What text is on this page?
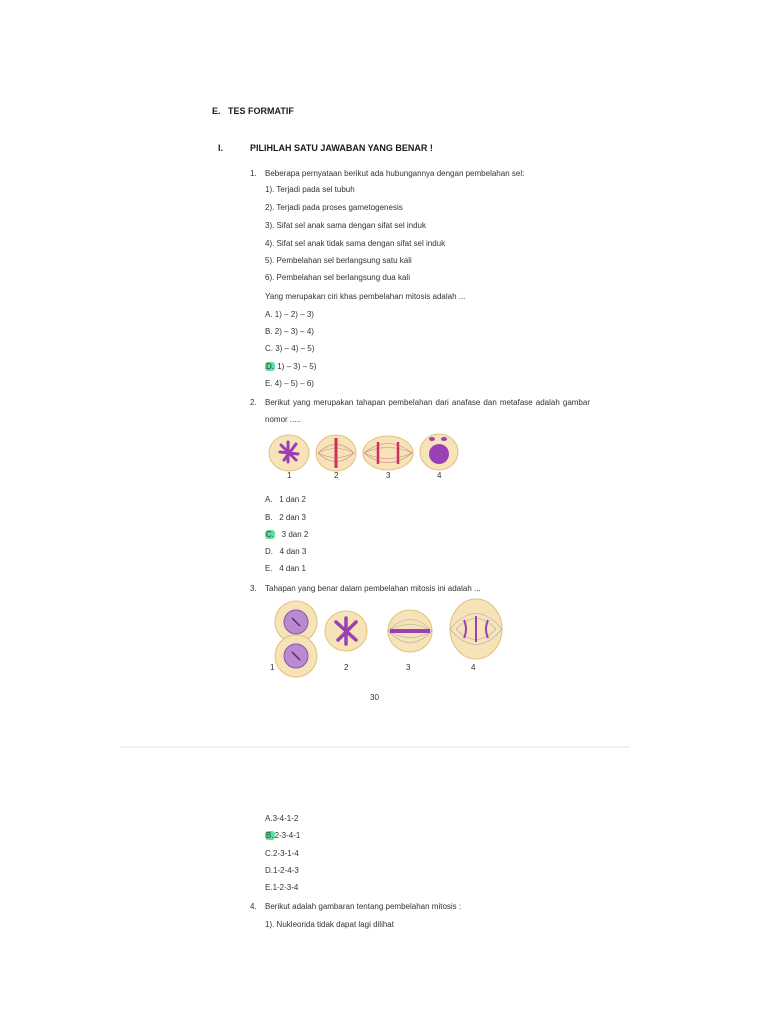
E. TES FORMATIF
I.	PILIHLAH SATU JAWABAN YANG BENAR !
1. Beberapa pernyataan berikut ada hubungannya dengan pembelahan sel:
1). Terjadi pada sel tubuh
2). Terjadi pada proses gametogenesis
3). Sifat sel anak sama dengan sifat sel induk
4). Sifat sel anak tidak sama dengan sifat sel induk
5). Pembelahan sel berlangsung satu kali
6). Pembelahan sel berlangsung dua kali
Yang merupakan ciri khas pembelahan mitosis adalah ...
A. 1) – 2) – 3)
B. 2) – 3) – 4)
C. 3) – 4) – 5)
D. 1) – 3) – 5)
E. 4) – 5) – 6)
2. Berikut yang merupakan tahapan pembelahan dari anafase dan metafase adalah gambar nomor .....
1	2	3	4
A. 1 dan 2
B. 2 dan 3
C. 3 dan 2
D. 4 dan 3
E. 4 dan 1
3. Tahapan yang benar dalam pembelahan mitosis ini adalah ...
1	2	3	4
30
A.3-4-1-2
B.2-3-4-1
C.2-3-1-4
D.1-2-4-3
E.1-2-3-4
4. Berikut adalah gambaran tentang pembelahan mitosis :
1). Nukleorida tidak dapat lagi dilihat
